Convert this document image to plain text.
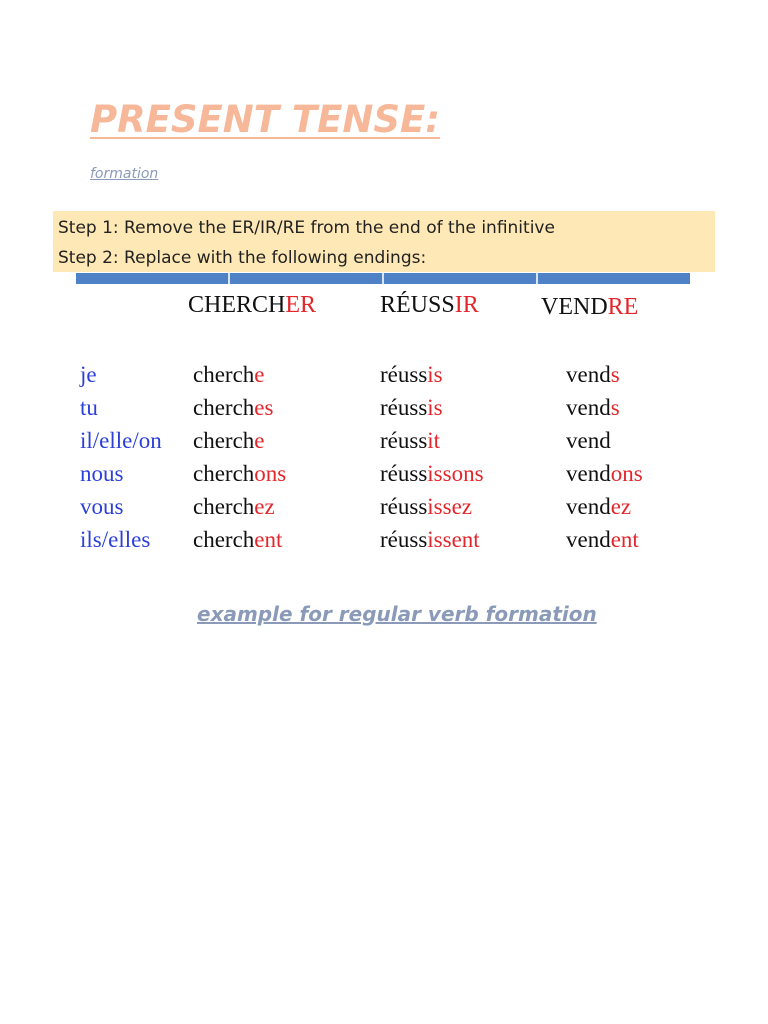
PRESENT TENSE:
formation
Step 1: Remove the ER/IR/RE from the end of the infinitive
Step 2: Replace with the following endings:
CHERCHER	RÉUSSIR	VENDRE
je	cherche	réussis	vends
tu	cherches	réussis	vends
il/elle/on cherche	réussit	vend
nous	cherchons	réussissons	vendons
vous	cherchez	réussissez	vendez
ils/elles cherchent	réussissent	vendent
example for regular verb formation
